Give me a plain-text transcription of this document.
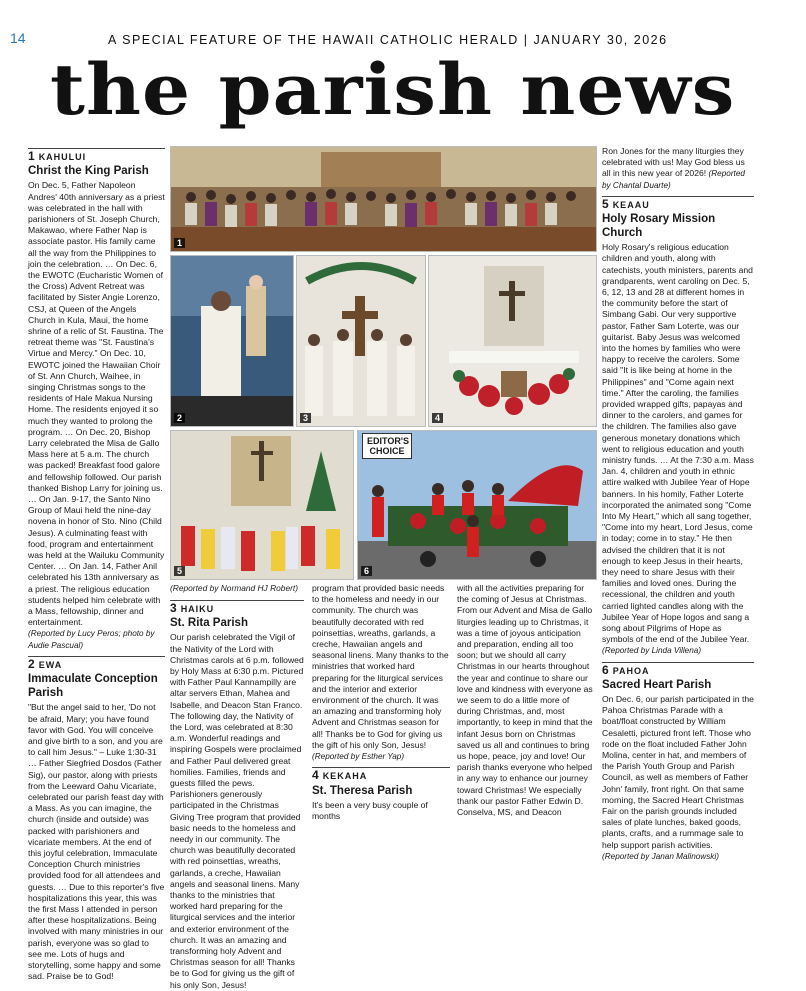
14	A SPECIAL FEATURE OF THE HAWAII CATHOLIC HERALD | JANUARY 30, 2026
the parish news
1 KAHULUI
Christ the King Parish

On Dec. 5, Father Napoleon Andres' 40th anniversary as a priest was celebrated in the hall with parishioners of St. Joseph Church, Makawao, where Father Nap is associate pastor. His family came all the way from the Philippines to join the celebration. … On Dec. 6, the EWOTC (Eucharistic Women of the Cross) Advent Retreat was facilitated by Sister Angie Lorenzo, CSJ, at Queen of the Angels Church in Kula, Maui, the home shrine of a relic of St. Faustina. The retreat theme was "St. Faustina's Virtue and Mercy." On Dec. 10, EWOTC joined the Hawaiian Choir of St. Ann Church, Waihee, in singing Christmas songs to the residents of Hale Makua Nursing Home. The residents enjoyed it so much they wanted to prolong the program. … On Dec. 20, Bishop Larry celebrated the Misa de Gallo Mass here at 5 a.m. The church was packed! Breakfast food galore and fellowship followed. Our parish thanked Bishop Larry for joining us. … On Jan. 9-17, the Santo Nino Group of Maui held the nine-day novena in honor of Sto. Nino (Child Jesus). A culminating feast with food, program and entertainment was held at the Wailuku Community Center. … On Jan. 14, Father Anil celebrated his 13th anniversary as a priest. The religious education students helped him celebrate with a Mass, fellowship, dinner and entertainment.

(Reported by Lucy Peros; photo by Audie Pascual)

2 EWA
Immaculate Conception Parish

"But the angel said to her, 'Do not be afraid, Mary; you have found favor with God. You will conceive and give birth to a son, and you are to call him Jesus." – Luke 1:30-31 … Father Siegfried Dosdos (Father Sig), our pastor, along with priests from the Leeward Oahu Vicariate, celebrated our parish feast day with a Mass. As you can imagine, the church (inside and outside) was packed with parishioners and vicariate members. At the end of this joyful celebration, Immaculate Conception Church ministries provided food for all attendees and guests. … Due to this reporter's five hospitalizations this year, this was the first Mass I attended in person after these hospitalizations. Being involved with many ministries in our parish, everyone was so glad to see me. Lots of hugs and storytelling, some happy and some sad. Praise be to God!

1
2	3	4
5	6
EDITOR'S CHOICE
(Reported by Normand HJ Robert)
3 HAIKU
St. Rita Parish

Our parish celebrated the Vigil of the Nativity of the Lord with Christmas carols at 6 p.m. followed by Holy Mass at 6:30 p.m. Pictured with Father Paul Kannampilly are altar servers Ethan, Mahea and Isabelle, and Deacon Stan Franco. The following day, the Nativity of the Lord, was celebrated at 8:30 a.m. Wonderful readings and inspiring Gospels were proclaimed and Father Paul delivered great homilies. Families, friends and guests filled the pews. Parishioners generously participated in the Christmas Giving Tree program that provided basic needs to the homeless and needy in our community. The church was beautifully decorated with red poinsettias, wreaths, garlands, a creche, Hawaiian angels and seasonal linens. Many thanks to the ministries that worked hard preparing for the liturgical services and the interior and exterior environment of the church. It was an amazing and transforming holy Advent and Christmas season for all! Thanks be to God for giving us the gift of his only Son, Jesus!

program that provided basic needs to the homeless and needy in our community. The church was beautifully decorated with red poinsettias, wreaths, garlands, a creche, Hawaiian angels and seasonal linens. Many thanks to the ministries that worked hard preparing for the liturgical services and the interior and exterior environment of the church. It was an amazing and transforming holy Advent and Christmas season for all! Thanks be to God for giving us the gift of his only Son, Jesus! (Reported by Esther Yap)

4 KEKAHA
St. Theresa Parish

It's been a very busy couple of months

with all the activities preparing for the coming of Jesus at Christmas. From our Advent and Misa de Gallo liturgies leading up to Christmas, it was a time of joyous anticipation and preparation, ending all too soon; but we should all carry Christmas in our hearts throughout the year and continue to share our love and kindness with everyone as we seem to do a little more of during Christmas, and, most importantly, to keep in mind that the infant Jesus born on Christmas saved us all and continues to bring us hope, peace, joy and love! Our parish thanks everyone who helped in any way to enhance our journey toward Christmas! We especially thank our pastor Father Edwin D. Conselva, MS, and Deacon

Ron Jones for the many liturgies they celebrated with us! May God bless us all in this new year of 2026! (Reported by Chantal Duarte)

5 KEAAU
Holy Rosary Mission Church

Holy Rosary's religious education children and youth, along with catechists, youth ministers, parents and grandparents, went caroling on Dec. 5, 6, 12, 13 and 28 at different homes in the community before the start of Simbang Gabi. Our very supportive pastor, Father Sam Loterte, was our guitarist. Baby Jesus was welcomed into the homes by families who were happy to receive the carolers. Some said "It is like being at home in the Philippines" and "Come again next time." After the caroling, the families provided wrapped gifts, papayas and dinner to the carolers, and games for the children. The families also gave generous monetary donations which went to religious education and youth ministry funds. … At the 7:30 a.m. Mass Jan. 4, children and youth in ethnic attire walked with Jubilee Year of Hope banners. In his homily, Father Loterte incorporated the animated song "Come Into My Heart," which all sang together, "Come into my heart, Lord Jesus, come in today; come in to stay." He then advised the children that it is not enough to keep Jesus in their hearts, they need to share Jesus with their families and loved ones. During the recessional, the children and youth carried lighted candles along with the Jubilee Year of Hope logos and sang a song about Pilgrims of Hope as symbols of the end of the Jubilee Year.

(Reported by Linda Villena)

6 PAHOA
Sacred Heart Parish

On Dec. 6, our parish participated in the Pahoa Christmas Parade with a boat/float constructed by William Cesaletti, pictured front left. Those who rode on the float included Father John Molina, center in hat, and members of the Parish Youth Group and Parish Council, as well as members of Father John' family, front right. On that same morning, the Sacred Heart Christmas Fair on the parish grounds included sales of plate lunches, baked goods, plants, crafts, and a rummage sale to help support parish activities.

(Reported by Janan Malinowski)
